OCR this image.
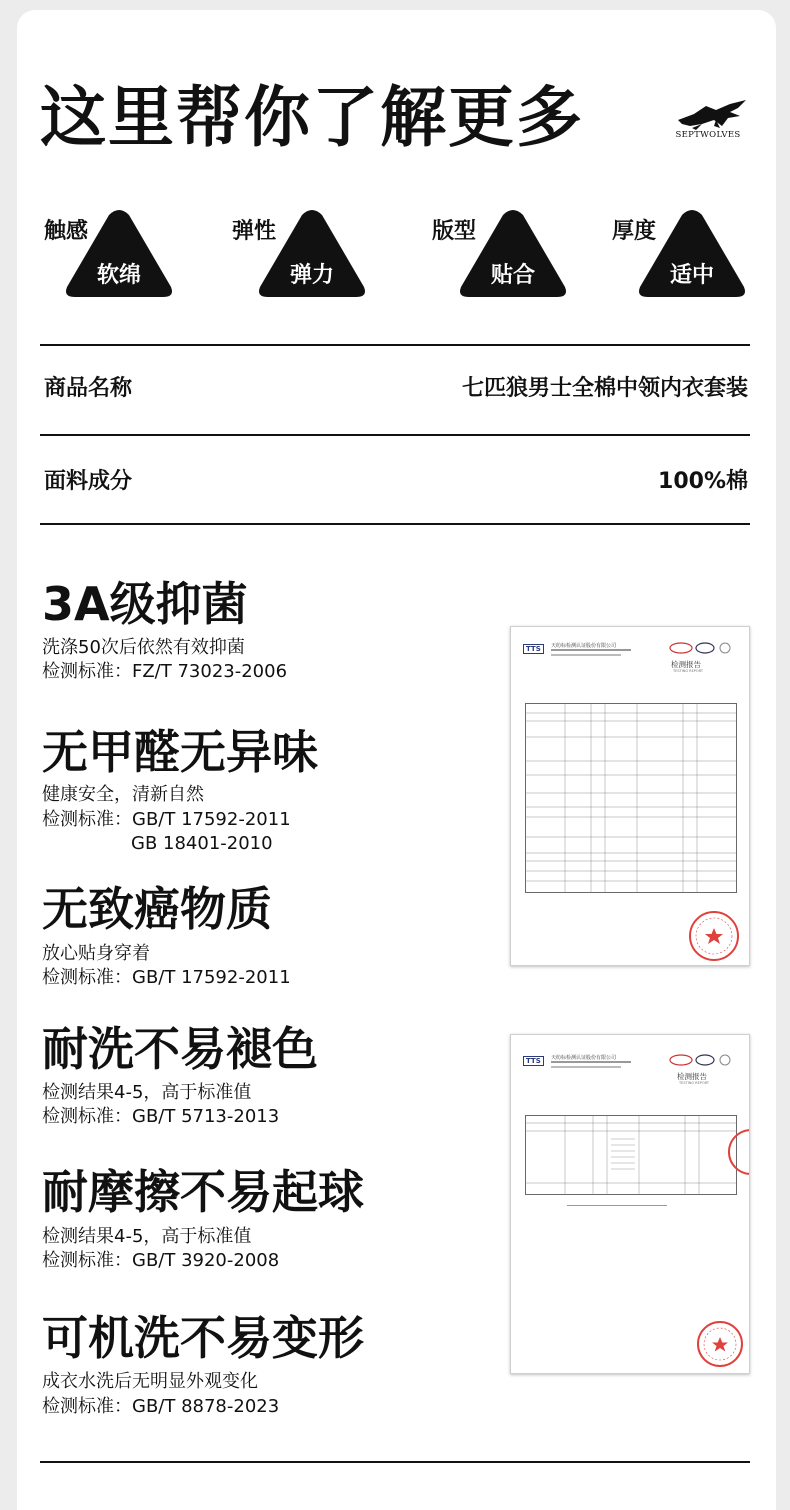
这里帮你了解更多	SEPTWOLVES
触感
软绵
弹性
弹力
版型
贴合
厚度
适中
商品名称	七匹狼男士全棉中领内衣套装
面料成分	100%棉
3A级抑菌
洗涤50次后依然有效抑菌
检测标准：FZ/T 73023-2006
无甲醛无异味
健康安全，清新自然
检测标准：GB/T 17592-2011
GB 18401-2010
无致癌物质
放心贴身穿着
检测标准：GB/T 17592-2011
耐洗不易褪色
检测结果4-5，高于标准值
检测标准：GB/T 5713-2013
耐摩擦不易起球
检测结果4-5，高于标准值
检测标准：GB/T 3920-2008
可机洗不易变形
成衣水洗后无明显外观变化
检测标准：GB/T 8878-2023
TTS	天纺标检测认证股份有限公司
检测报告
TESTING REPORT
TTS	天纺标检测认证股份有限公司
检测报告
TESTING REPORT
